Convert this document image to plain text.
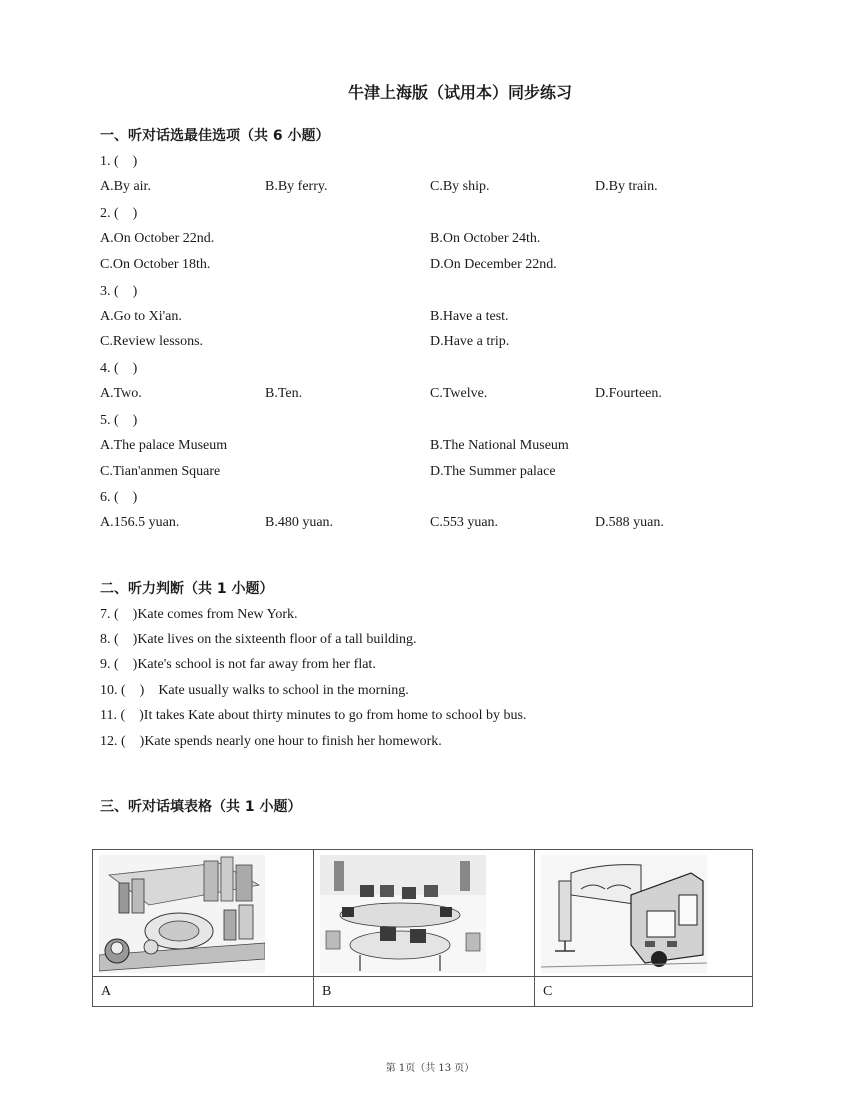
牛津上海版（试用本）同步练习
一、听对话选最佳选项（共 6 小题）
1. (    )
A.By air.	B.By ferry.	C.By ship.	D.By train.
2. (    )
A.On October 22nd.	B.On October 24th.
C.On October 18th.	D.On December 22nd.
3. (    )
A.Go to Xi'an.	B.Have a test.
C.Review lessons.	D.Have a trip.
4. (    )
A.Two.	B.Ten.	C.Twelve.	D.Fourteen.
5. (    )
A.The palace Museum	B.The National Museum
C.Tian'anmen Square	D.The Summer palace
6. (    )
A.156.5 yuan.	B.480 yuan.	C.553 yuan.	D.588 yuan.
二、听力判断（共 1 小题）
7. (    )Kate comes from New York.
8. (    )Kate lives on the sixteenth floor of a tall building.
9. (    )Kate's school is not far away from her flat.
10. (    )    Kate usually walks to school in the morning.
11. (    )It takes Kate about thirty minutes to go from home to school by bus.
12. (    )Kate spends nearly one hour to finish her homework.
三、听对话填表格（共 1 小题）

A	B	C
第 1页（共 13 页）
